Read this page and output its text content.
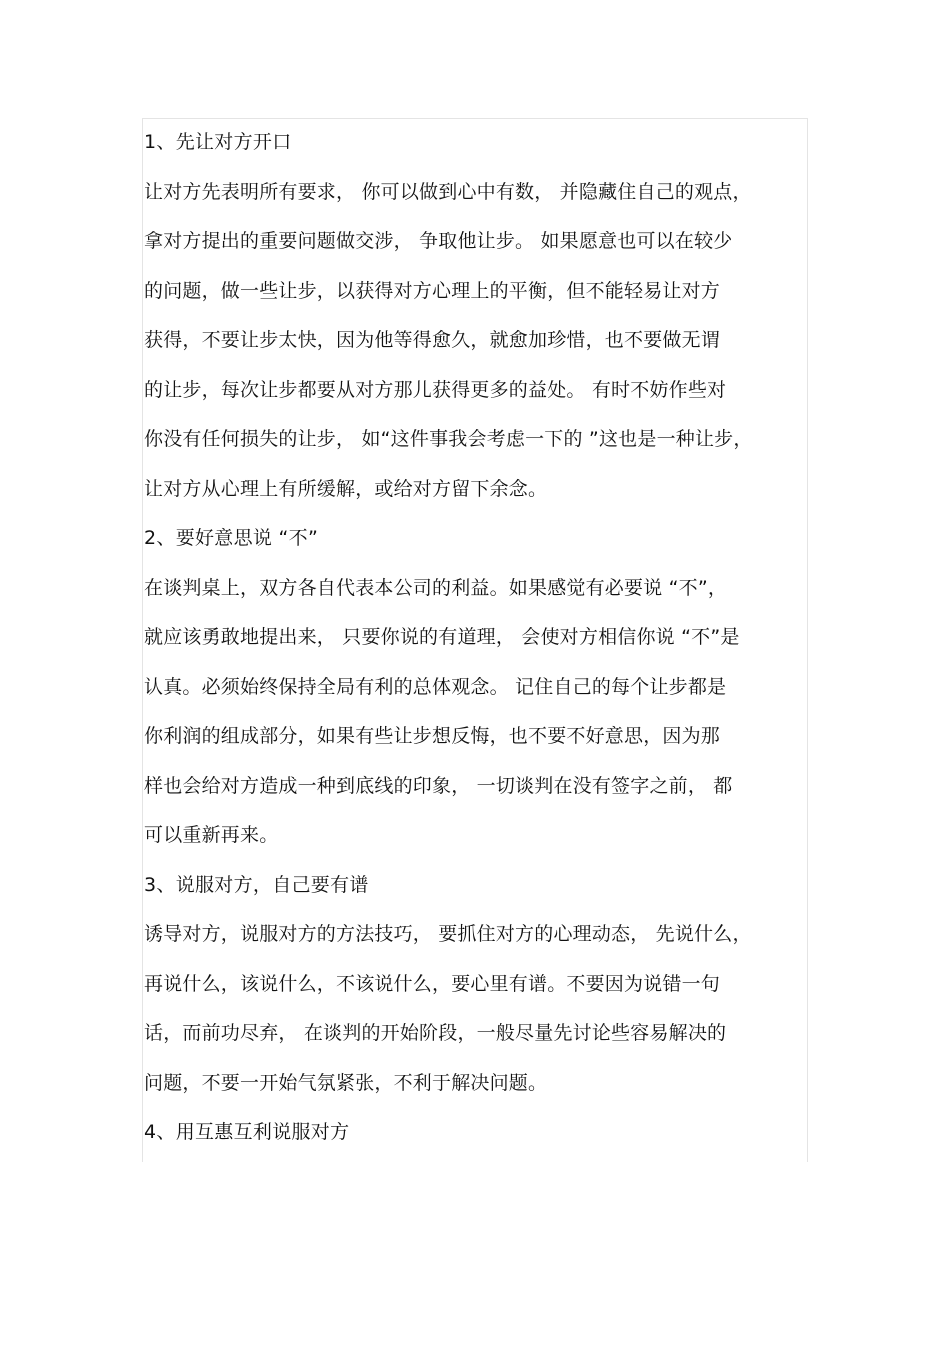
1、先让对方开口
让对方先表明所有要求， 你可以做到心中有数， 并隐藏住自己的观点，
拿对方提出的重要问题做交涉， 争取他让步。 如果愿意也可以在较少
的问题，做一些让步，以获得对方心理上的平衡，但不能轻易让对方
获得，不要让步太快，因为他等得愈久，就愈加珍惜，也不要做无谓
的让步，每次让步都要从对方那儿获得更多的益处。 有时不妨作些对
你没有任何损失的让步， 如“这件事我会考虑一下的 ”这也是一种让步，
让对方从心理上有所缓解，或给对方留下余念。
2、要好意思说 “不”
在谈判桌上，双方各自代表本公司的利益。如果感觉有必要说 “不”，
就应该勇敢地提出来， 只要你说的有道理， 会使对方相信你说 “不”是
认真。必须始终保持全局有利的总体观念。 记住自己的每个让步都是
你利润的组成部分，如果有些让步想反悔，也不要不好意思，因为那
样也会给对方造成一种到底线的印象， 一切谈判在没有签字之前， 都
可以重新再来。
3、说服对方，自己要有谱
诱导对方，说服对方的方法技巧， 要抓住对方的心理动态， 先说什么，
再说什么，该说什么，不该说什么，要心里有谱。不要因为说错一句
话，而前功尽弃， 在谈判的开始阶段，一般尽量先讨论些容易解决的
问题，不要一开始气氛紧张，不利于解决问题。
4、用互惠互利说服对方
